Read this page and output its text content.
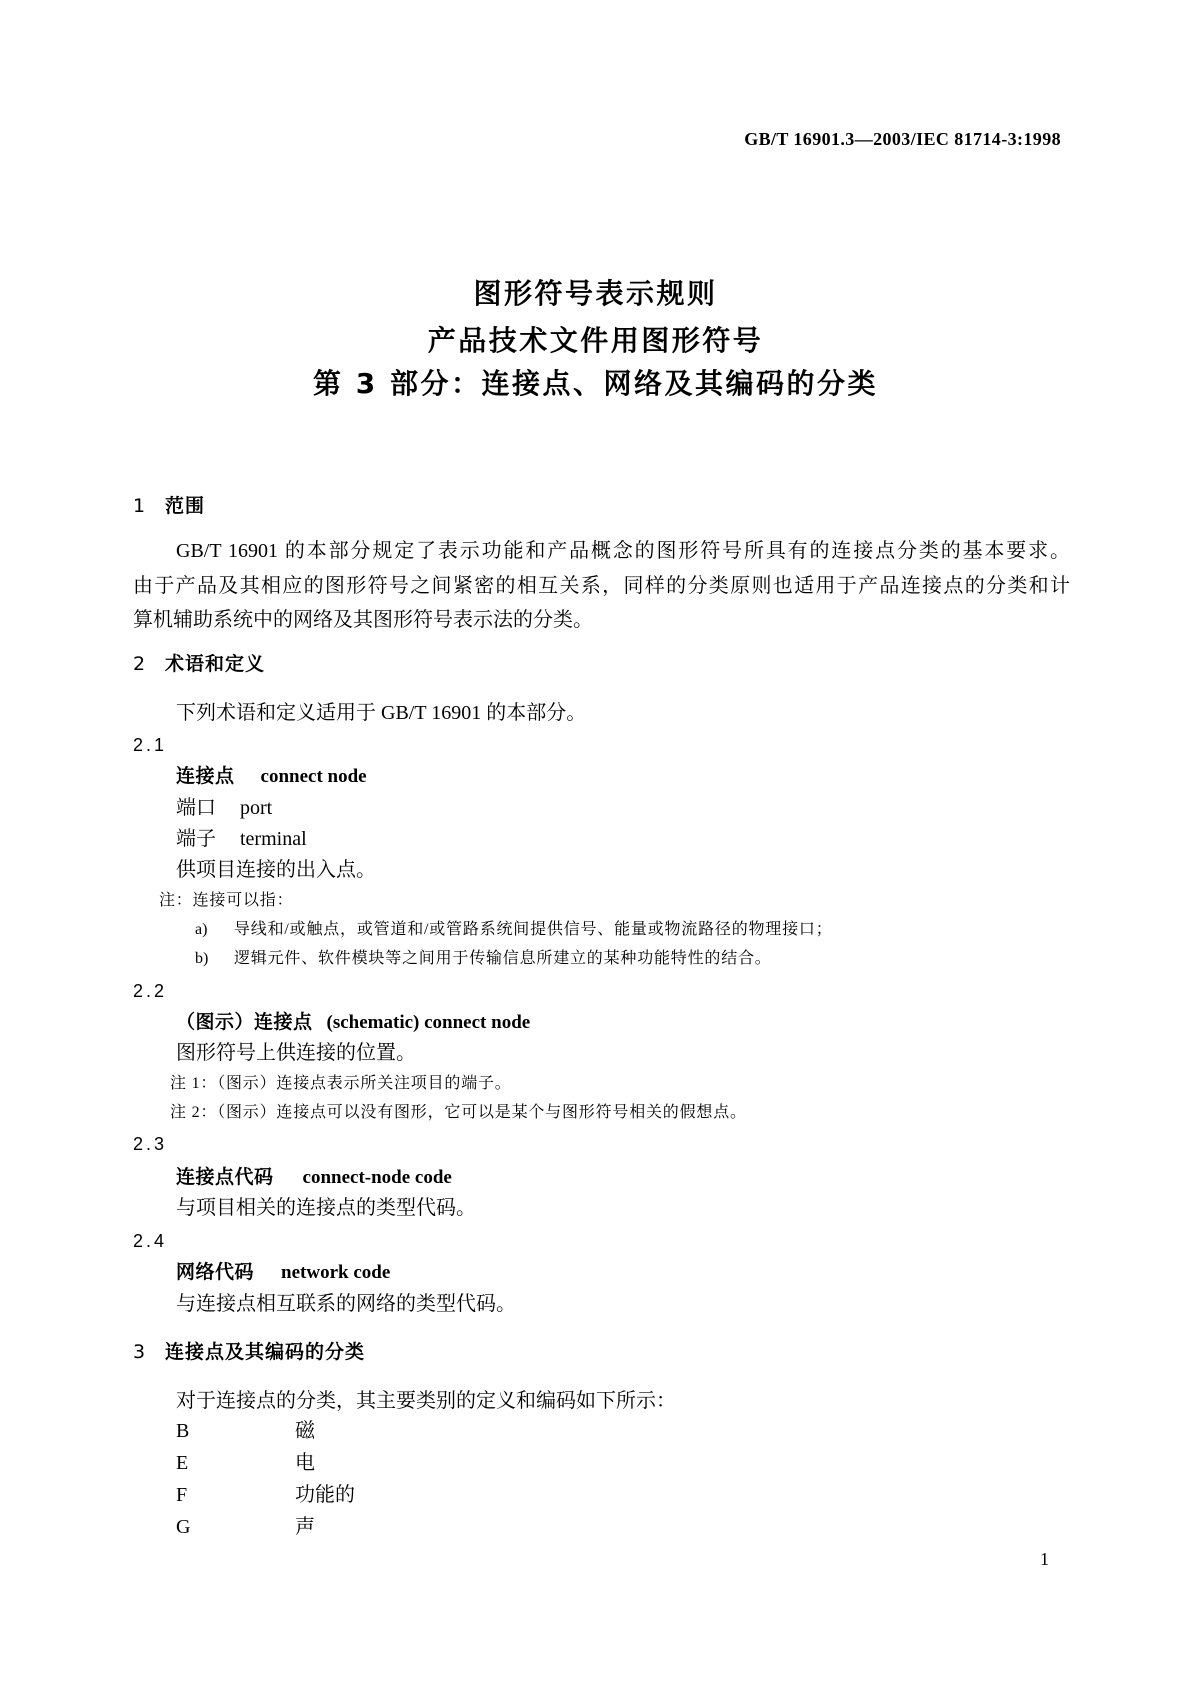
GB/T 16901.3—2003/IEC 81714-3:1998
图形符号表示规则
产品技术文件用图形符号
第 3 部分：连接点、网络及其编码的分类
1 范围
GB/T 16901 的本部分规定了表示功能和产品概念的图形符号所具有的连接点分类的基本要求。
由于产品及其相应的图形符号之间紧密的相互关系，同样的分类原则也适用于产品连接点的分类和计
算机辅助系统中的网络及其图形符号表示法的分类。
2 术语和定义
下列术语和定义适用于 GB/T 16901 的本部分。
2.1
连接点 connect node
端口 port
端子 terminal
供项目连接的出入点。
注：连接可以指：
a) 导线和/或触点，或管道和/或管路系统间提供信号、能量或物流路径的物理接口；
b) 逻辑元件、软件模块等之间用于传输信息所建立的某种功能特性的结合。
2.2
（图示）连接点 (schematic) connect node
图形符号上供连接的位置。
注 1：（图示）连接点表示所关注项目的端子。
注 2：（图示）连接点可以没有图形，它可以是某个与图形符号相关的假想点。
2.3
连接点代码 connect-node code
与项目相关的连接点的类型代码。
2.4
网络代码 network code
与连接点相互联系的网络的类型代码。
3 连接点及其编码的分类
对于连接点的分类，其主要类别的定义和编码如下所示：
B	磁
E	电
F	功能的
G	声
1
